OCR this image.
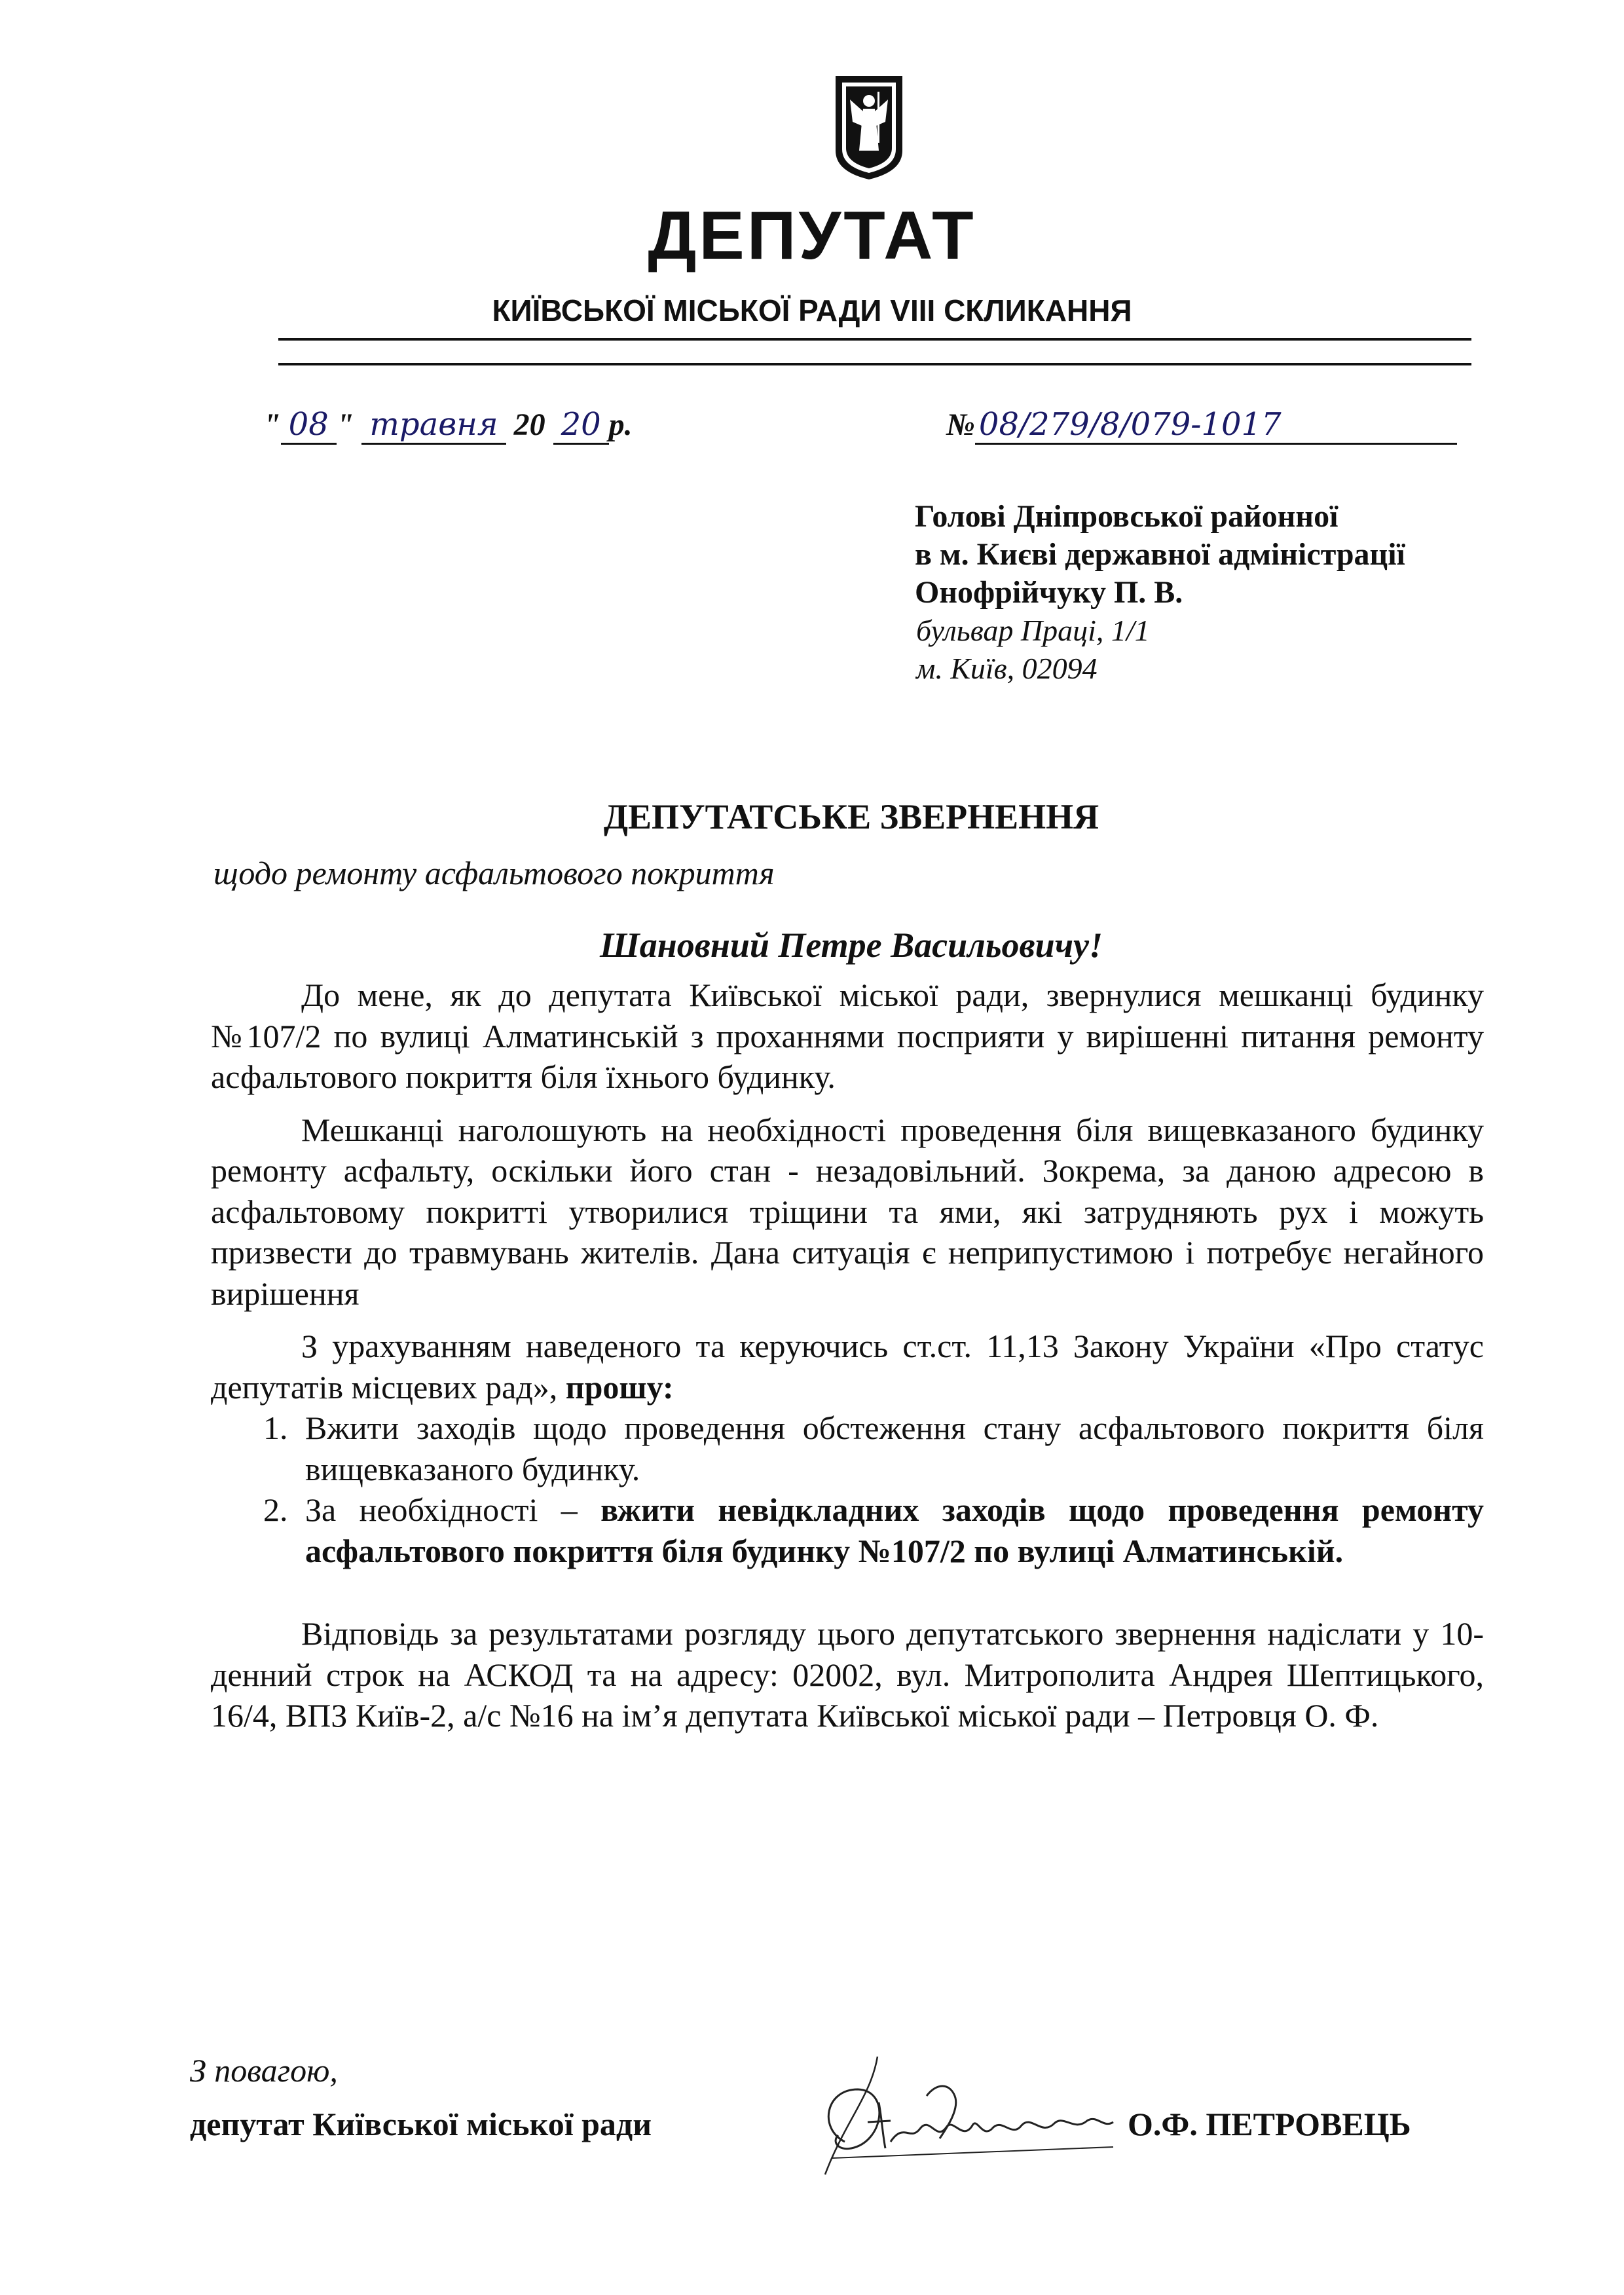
ДЕПУТАТ
КИЇВСЬКОЇ МІСЬКОЇ РАДИ VIII СКЛИКАННЯ
" 08 " травня 20 20 р.	№ 08/279/8/079-1017
Голові Дніпровської районної
в м. Києві державної адміністрації
Онофрійчуку П. В.
бульвар Праці, 1/1
м. Київ, 02094
ДЕПУТАТСЬКЕ ЗВЕРНЕННЯ
щодо ремонту асфальтового покриття
Шановний Петре Васильовичу!

До мене, як до депутата Київської міської ради, звернулися мешканці будинку №107/2 по вулиці Алматинській з проханнями посприяти у вирішенні питання ремонту асфальтового покриття біля їхнього будинку.

Мешканці наголошують на необхідності проведення біля вищевказаного будинку ремонту асфальту, оскільки його стан - незадовільний. Зокрема, за даною адресою в асфальтовому покритті утворилися тріщини та ями, які затрудняють рух і можуть призвести до травмувань жителів. Дана ситуація є неприпустимою і потребує негайного вирішення

З урахуванням наведеного та керуючись ст.ст. 11,13 Закону України «Про статус депутатів місцевих рад», прошу:

1. Вжити заходів щодо проведення обстеження стану асфальтового покриття біля вищевказаного будинку.
2. За необхідності – вжити невідкладних заходів щодо проведення ремонту асфальтового покриття біля будинку №107/2 по вулиці Алматинській.

Відповідь за результатами розгляду цього депутатського звернення надіслати у 10-денний строк на АСКОД та на адресу: 02002, вул. Митрополита Андрея Шептицького, 16/4, ВПЗ Київ-2, а/с №16 на ім’я депутата Київської міської ради – Петровця О. Ф.

З повагою,
депутат Київської міської ради	О.Ф. ПЕТРОВЕЦЬ
